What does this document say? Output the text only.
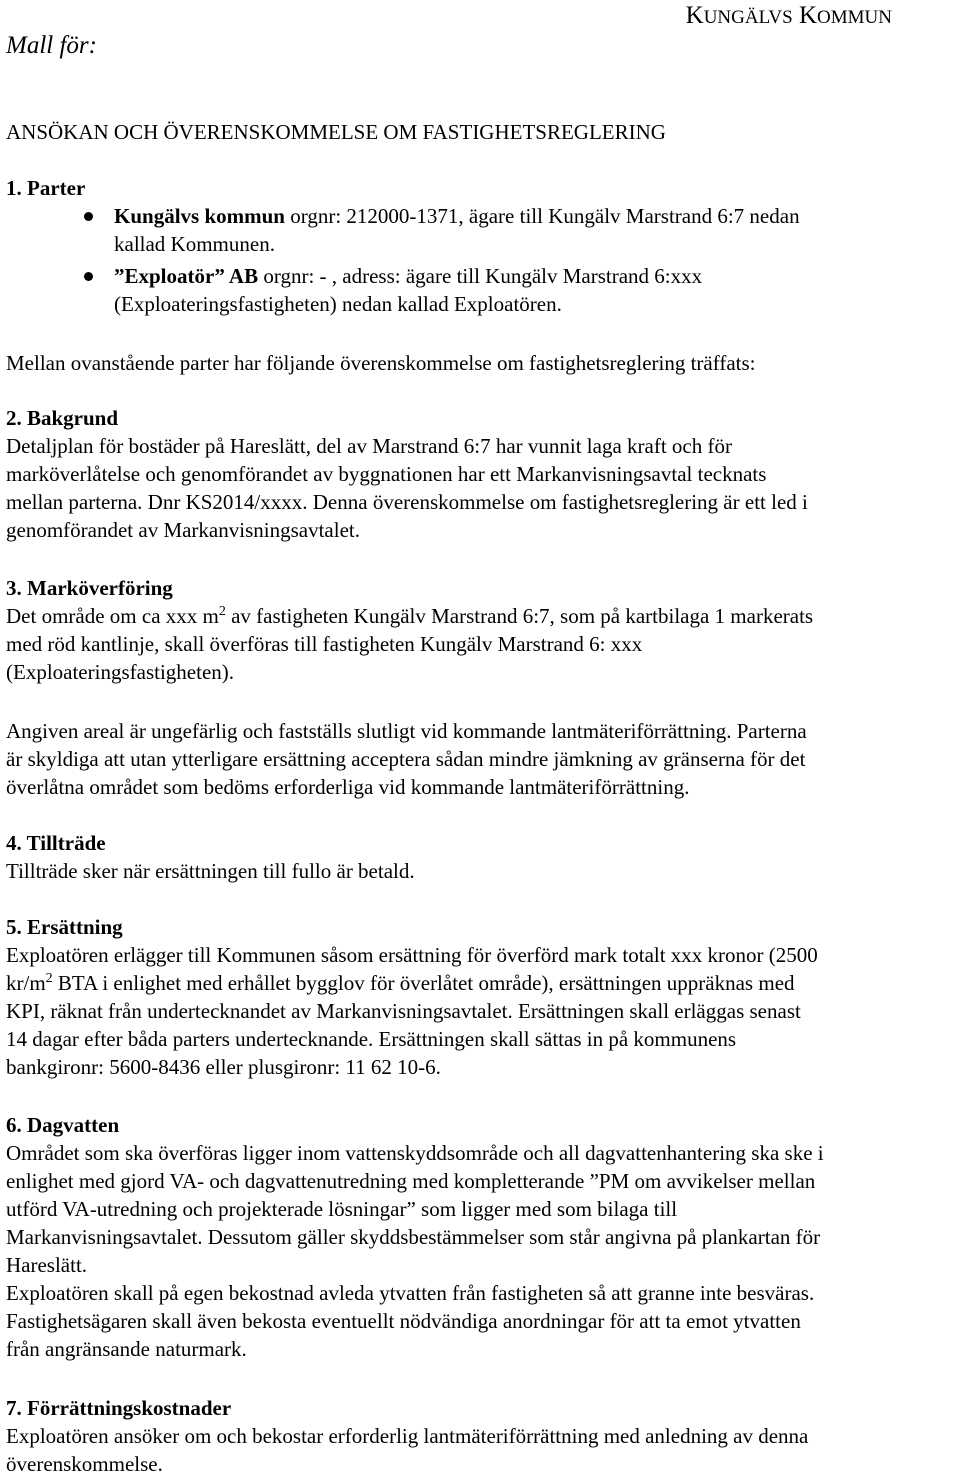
Mall för:
KUNGÄLVS KOMMUN
ANSÖKAN OCH ÖVERENSKOMMELSE OM FASTIGHETSREGLERING
1. Parter
Kungälvs kommun orgnr: 212000-1371, ägare till Kungälv Marstrand 6:7 nedan
kallad Kommunen.
”Exploatör” AB orgnr: - , adress: ägare till Kungälv Marstrand 6:xxx
(Exploateringsfastigheten) nedan kallad Exploatören.
Mellan ovanstående parter har följande överenskommelse om fastighetsreglering träffats:
2. Bakgrund
Detaljplan för bostäder på Hareslätt, del av Marstrand 6:7 har vunnit laga kraft och för
marköverlåtelse och genomförandet av byggnationen har ett Markanvisningsavtal tecknats
mellan parterna. Dnr KS2014/xxxx. Denna överenskommelse om fastighetsreglering är ett led i
genomförandet av Markanvisningsavtalet.
3. Marköverföring
Det område om ca xxx $m^2$ av fastigheten Kungälv Marstrand 6:7, som på kartbilaga 1 markerats
med röd kantlinje, skall överföras till fastigheten Kungälv Marstrand 6: xxx
(Exploateringsfastigheten).
Angiven areal är ungefärlig och fastställs slutligt vid kommande lantmäteriförrättning. Parterna
är skyldiga att utan ytterligare ersättning acceptera sådan mindre jämkning av gränserna för det
överlåtna området som bedöms erforderliga vid kommande lantmäteriförrättning.
4. Tillträde
Tillträde sker när ersättningen till fullo är betald.
5. Ersättning
Exploatören erlägger till Kommunen såsom ersättning för överförd mark totalt xxx kronor (2500
$kr/m^2$ BTA i enlighet med erhållet bygglov för överlåtet område), ersättningen uppräknas med
KPI, räknat från undertecknandet av Markanvisningsavtalet. Ersättningen skall erläggas senast
14 dagar efter båda parters undertecknande. Ersättningen skall sättas in på kommunens
bankgironr: 5600-8436 eller plusgironr: 11 62 10-6.
6. Dagvatten
Området som ska överföras ligger inom vattenskyddsområde och all dagvattenhantering ska ske i
enlighet med gjord VA- och dagvattenutredning med kompletterande ”PM om avvikelser mellan
utförd VA-utredning och projekterade lösningar” som ligger med som bilaga till
Markanvisningsavtalet. Dessutom gäller skyddsbestämmelser som står angivna på plankartan för
Hareslätt.
Exploatören skall på egen bekostnad avleda ytvatten från fastigheten så att granne inte besväras.
Fastighetsägaren skall även bekosta eventuellt nödvändiga anordningar för att ta emot ytvatten
från angränsande naturmark.
7. Förrättningskostnader
Exploatören ansöker om och bekostar erforderlig lantmäteriförrättning med anledning av denna
överenskommelse.
